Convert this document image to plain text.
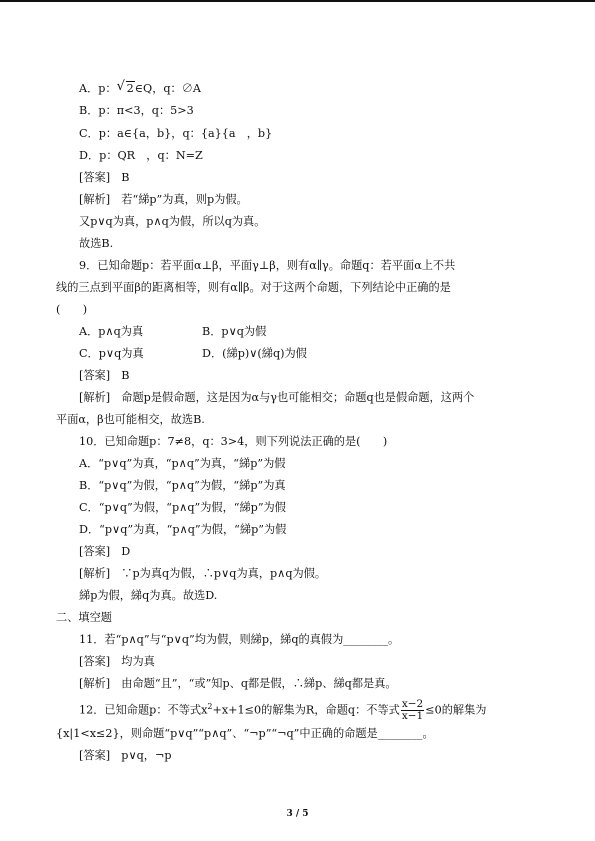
A．p： √ 2∈Q，q：∅A
B．p：π<3，q：5>3
C．p：a∈{a，b}，q：{a}{a　，b}
D．p：QR　，q：N=Z
[答案]　B
[解析]　若“綈p”为真，则p为假。
又p∨q为真，p∧q为假，所以q为真。
故选B.
9．已知命题p：若平面α⊥β，平面γ⊥β，则有α∥γ。命题q：若平面α上不共
线的三点到平面β的距离相等，则有α∥β。对于这两个命题，下列结论中正确的是
(　　)
A．p∧q为真	B．p∨q为假
C．p∨q为真	D．(綈p)∨(綈q)为假
[答案]　B
[解析]　命题p是假命题，这是因为α与γ也可能相交；命题q也是假命题，这两个
平面α，β也可能相交，故选B.
10．已知命题p：7≠8，q：3>4，则下列说法正确的是(　　)
A．“p∨q”为真，“p∧q”为真，“綈p”为假
B．“p∨q”为假，“p∧q”为假，“綈p”为真
C．“p∨q”为假，“p∧q”为假，“綈p”为假
D．“p∨q”为真，“p∧q”为假，“綈p”为假
[答案]　D
[解析]　∵p为真q为假，∴p∨q为真，p∧q为假。
綈p为假，綈q为真。故选D.
二、填空题
11．若“p∧q”与“p∨q”均为假，则綈p，綈q的真假为________。
[答案]　均为真
[解析]　由命题“且”，“或”知p、q都是假，∴綈p、綈q都是真。
12．已知命题p：不等式$x^2+x+1\le 0$的解集为R，命题q：不等式 $\frac{x-2}{x-1} \le 0$的解集为
{x|1<x≤2}，则命题“p∨q”“p∧q”、“¬p”“¬q”中正确的命题是________。
[答案]　p∨q，¬p
3 / 5
